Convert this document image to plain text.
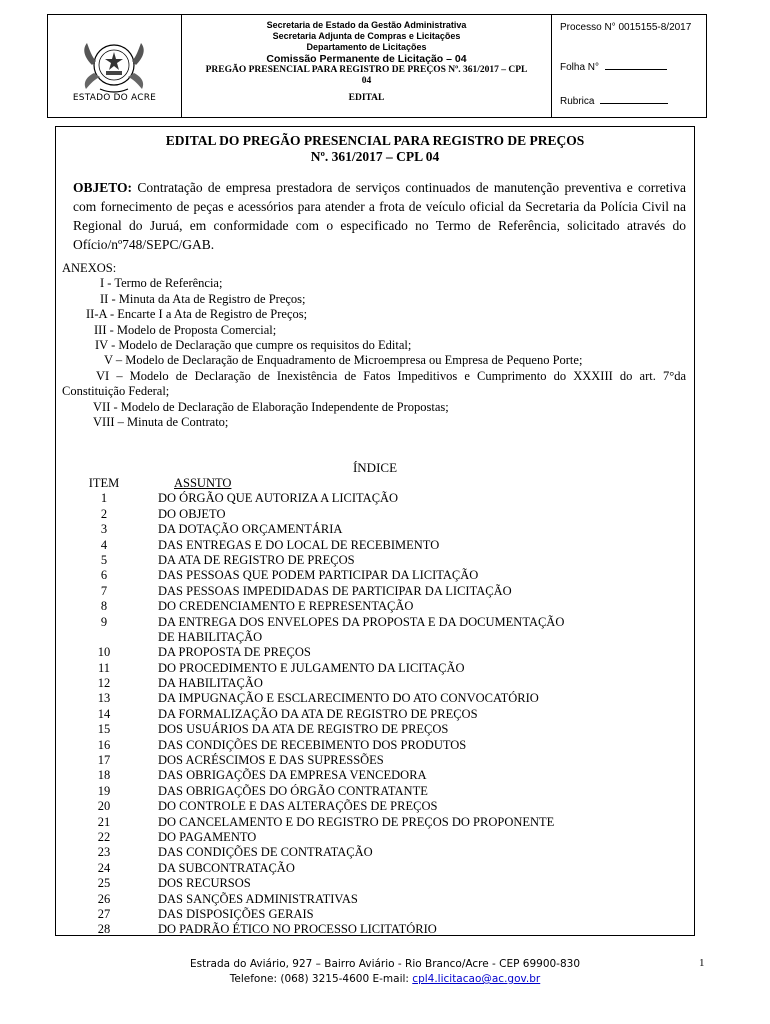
ESTADO DO ACRE
Secretaria de Estado da Gestão Administrativa
Secretaria Adjunta de Compras e Licitações
Departamento de Licitações
Comissão Permanente de Licitação – 04
PREGÃO PRESENCIAL PARA REGISTRO DE PREÇOS Nº. 361/2017 – CPL 04
EDITAL
Processo N° 0015155-8/2017
Folha N°
Rubrica
EDITAL DO PREGÃO PRESENCIAL PARA REGISTRO DE PREÇOS
Nº. 361/2017 – CPL 04
OBJETO: Contratação de empresa prestadora de serviços continuados de manutenção preventiva e corretiva com fornecimento de peças e acessórios para atender a frota de veículo oficial da Secretaria da Polícia Civil na Regional do Juruá, em conformidade com o especificado no Termo de Referência, solicitado através do Ofício/nº748/SEPC/GAB.
ANEXOS:
I - Termo de Referência;
II - Minuta da Ata de Registro de Preços;
II-A - Encarte I a Ata de Registro de Preços;
III - Modelo de Proposta Comercial;
IV - Modelo de Declaração que cumpre os requisitos do Edital;
V – Modelo de Declaração de Enquadramento de Microempresa ou Empresa de Pequeno Porte;
VI – Modelo de Declaração de Inexistência de Fatos Impeditivos e Cumprimento do XXXIII do art. 7°da Constituição Federal;
VII - Modelo de Declaração de Elaboração Independente de Propostas;
VIII – Minuta de Contrato;
ÍNDICE
ITEM	ASSUNTO
1	DO ÓRGÃO QUE AUTORIZA A LICITAÇÃO
2	DO OBJETO
3	DA DOTAÇÃO ORÇAMENTÁRIA
4	DAS ENTREGAS E DO LOCAL DE RECEBIMENTO
5	DA ATA DE REGISTRO DE PREÇOS
6	DAS PESSOAS QUE PODEM PARTICIPAR DA LICITAÇÃO
7	DAS PESSOAS IMPEDIDADAS DE PARTICIPAR DA LICITAÇÃO
8	DO CREDENCIAMENTO E REPRESENTAÇÃO
9	DA ENTREGA DOS ENVELOPES DA PROPOSTA E DA DOCUMENTAÇÃO
DE HABILITAÇÃO
10	DA PROPOSTA DE PREÇOS
11	DO PROCEDIMENTO E JULGAMENTO DA LICITAÇÃO
12	DA HABILITAÇÃO
13	DA IMPUGNAÇÃO E ESCLARECIMENTO DO ATO CONVOCATÓRIO
14	DA FORMALIZAÇÃO DA ATA DE REGISTRO DE PREÇOS
15	DOS USUÁRIOS DA ATA DE REGISTRO DE PREÇOS
16	DAS CONDIÇÕES DE RECEBIMENTO DOS PRODUTOS
17	DOS ACRÉSCIMOS E DAS SUPRESSÕES
18	DAS OBRIGAÇÕES DA EMPRESA VENCEDORA
19	DAS OBRIGAÇÕES DO ÓRGÃO CONTRATANTE
20	DO CONTROLE E DAS ALTERAÇÕES DE PREÇOS
21	DO CANCELAMENTO E DO REGISTRO DE PREÇOS DO PROPONENTE
22	DO PAGAMENTO
23	DAS CONDIÇÕES DE CONTRATAÇÃO
24	DA SUBCONTRATAÇÃO
25	DOS RECURSOS
26	DAS SANÇÕES ADMINISTRATIVAS
27	DAS DISPOSIÇÕES GERAIS
28	DO PADRÃO ÉTICO NO PROCESSO LICITATÓRIO
Estrada do Aviário, 927 – Bairro Aviário - Rio Branco/Acre - CEP 69900-830
Telefone: (068) 3215-4600 E-mail: cpl4.licitacao@ac.gov.br
1
